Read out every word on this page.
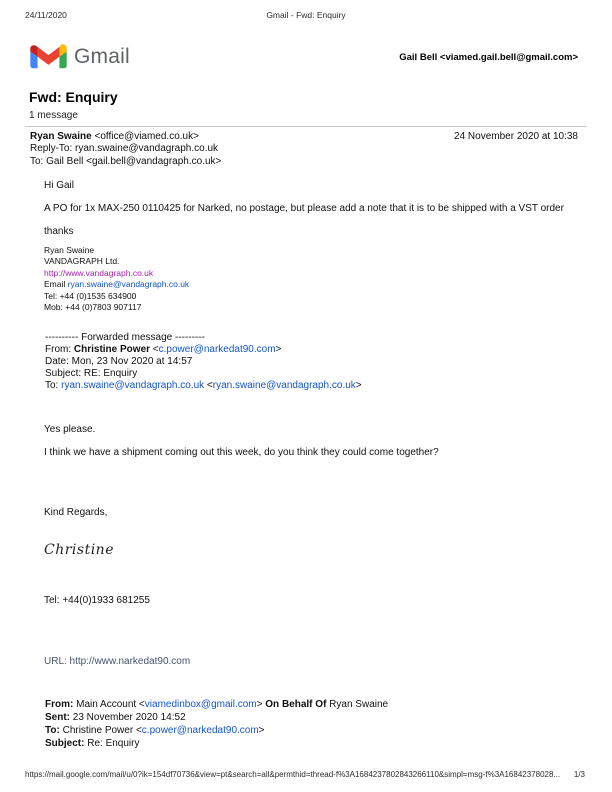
24/11/2020	Gmail - Fwd: Enquiry
Gmail	Gail Bell <viamed.gail.bell@gmail.com>
Fwd: Enquiry
1 message
Ryan Swaine <office@viamed.co.uk>
Reply-To: ryan.swaine@vandagraph.co.uk
To: Gail Bell <gail.bell@vandagraph.co.uk>
24 November 2020 at 10:38
Hi Gail
A PO for 1x MAX-250 0110425 for Narked, no postage, but please add a note that it is to be shipped with a VST order
thanks
Ryan Swaine
VANDAGRAPH Ltd.
http://www.vandagraph.co.uk
Email ryan.swaine@vandagraph.co.uk
Tel: +44 (0)1535 634900
Mob: +44 (0)7803 907117
---------- Forwarded message ---------
From: Christine Power <c.power@narkedat90.com>
Date: Mon, 23 Nov 2020 at 14:57
Subject: RE: Enquiry
To: ryan.swaine@vandagraph.co.uk <ryan.swaine@vandagraph.co.uk>
Yes please.
I think we have a shipment coming out this week, do you think they could come together?
Kind Regards,
Christine
Tel: +44(0)1933 681255
URL: http://www.narkedat90.com
From: Main Account <viamedinbox@gmail.com> On Behalf Of Ryan Swaine
Sent: 23 November 2020 14:52
To: Christine Power <c.power@narkedat90.com>
Subject: Re: Enquiry
https://mail.google.com/mail/u/0?ik=154df70736&view=pt&search=all&permthid=thread-f%3A1684237802843266110&simpl=msg-f%3A16842378028... 1/3
